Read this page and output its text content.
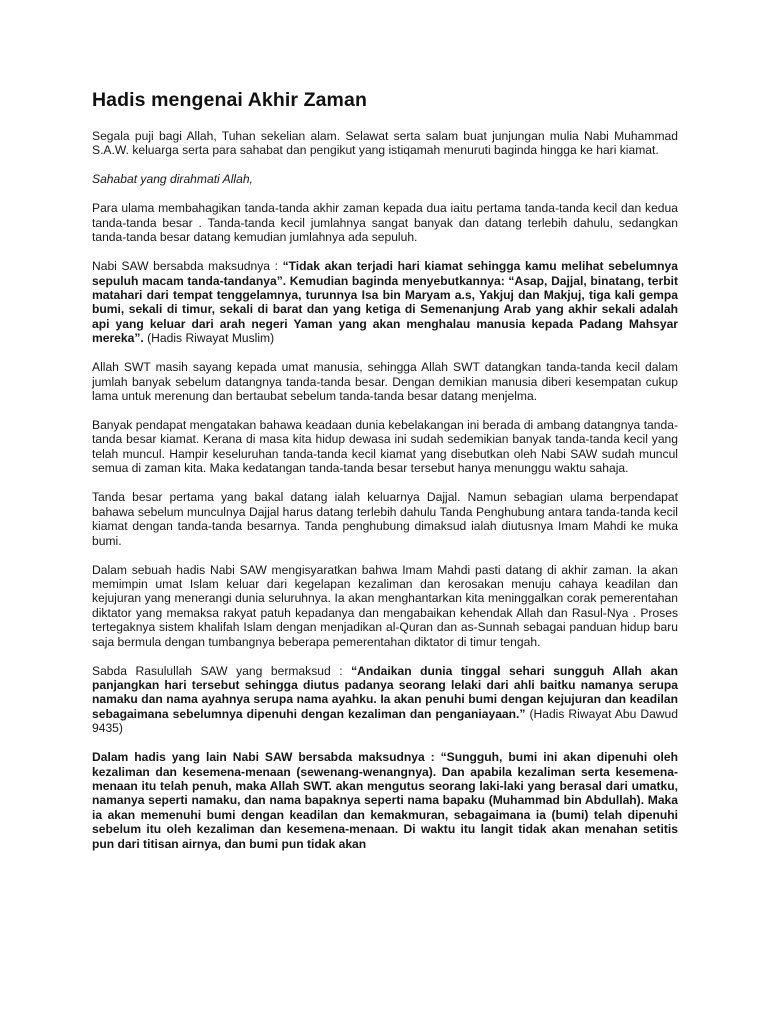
Hadis mengenai Akhir Zaman

Segala puji bagi Allah, Tuhan sekelian alam. Selawat serta salam buat junjungan mulia Nabi Muhammad S.A.W. keluarga serta para sahabat dan pengikut yang istiqamah menuruti baginda hingga ke hari kiamat.

Sahabat yang dirahmati Allah,

Para ulama membahagikan tanda-tanda akhir zaman kepada dua iaitu pertama tanda-tanda kecil dan kedua tanda-tanda besar . Tanda-tanda kecil jumlahnya sangat banyak dan datang terlebih dahulu, sedangkan tanda-tanda besar datang kemudian jumlahnya ada sepuluh.

Nabi SAW bersabda maksudnya : “Tidak akan terjadi hari kiamat sehingga kamu melihat sebelumnya sepuluh macam tanda-tandanya”. Kemudian baginda menyebutkannya: “Asap, Dajjal, binatang, terbit matahari dari tempat tenggelamnya, turunnya Isa bin Maryam a.s, Yakjuj dan Makjuj, tiga kali gempa bumi, sekali di timur, sekali di barat dan yang ketiga di Semenanjung Arab yang akhir sekali adalah api yang keluar dari arah negeri Yaman yang akan menghalau manusia kepada Padang Mahsyar mereka”. (Hadis Riwayat Muslim)

Allah SWT masih sayang kepada umat manusia, sehingga Allah SWT datangkan tanda-tanda kecil dalam jumlah banyak sebelum datangnya tanda-tanda besar. Dengan demikian manusia diberi kesempatan cukup lama untuk merenung dan bertaubat sebelum tanda-tanda besar datang menjelma.

Banyak pendapat mengatakan bahawa keadaan dunia kebelakangan ini berada di ambang datangnya tanda-tanda besar kiamat. Kerana di masa kita hidup dewasa ini sudah sedemikian banyak tanda-tanda kecil yang telah muncul. Hampir keseluruhan tanda-tanda kecil kiamat yang disebutkan oleh Nabi SAW sudah muncul semua di zaman kita. Maka kedatangan tanda-tanda besar tersebut hanya menunggu waktu sahaja.

Tanda besar pertama yang bakal datang ialah keluarnya Dajjal. Namun sebagian ulama berpendapat bahawa sebelum munculnya Dajjal harus datang terlebih dahulu Tanda Penghubung antara tanda-tanda kecil kiamat dengan tanda-tanda besarnya. Tanda penghubung dimaksud ialah diutusnya Imam Mahdi ke muka bumi.

Dalam sebuah hadis Nabi SAW mengisyaratkan bahwa Imam Mahdi pasti datang di akhir zaman. Ia akan memimpin umat Islam keluar dari kegelapan kezaliman dan kerosakan menuju cahaya keadilan dan kejujuran yang menerangi dunia seluruhnya. Ia akan menghantarkan kita meninggalkan corak pemerentahan diktator yang memaksa rakyat patuh kepadanya dan mengabaikan kehendak Allah dan Rasul-Nya . Proses tertegaknya sistem khalifah Islam dengan menjadikan al-Quran dan as-Sunnah sebagai panduan hidup baru saja bermula dengan tumbangnya beberapa pemerentahan diktator di timur tengah.

Sabda Rasulullah SAW yang bermaksud : “Andaikan dunia tinggal sehari sungguh Allah akan panjangkan hari tersebut sehingga diutus padanya seorang lelaki dari ahli baitku namanya serupa namaku dan nama ayahnya serupa nama ayahku. Ia akan penuhi bumi dengan kejujuran dan keadilan sebagaimana sebelumnya dipenuhi dengan kezaliman dan penganiayaan.” (Hadis Riwayat Abu Dawud 9435)

Dalam hadis yang lain Nabi SAW bersabda maksudnya : “Sungguh, bumi ini akan dipenuhi oleh kezaliman dan kesemena-menaan (sewenang-wenangnya). Dan apabila kezaliman serta kesemena-menaan itu telah penuh, maka Allah SWT. akan mengutus seorang laki-laki yang berasal dari umatku, namanya seperti namaku, dan nama bapaknya seperti nama bapaku (Muhammad bin Abdullah). Maka ia akan memenuhi bumi dengan keadilan dan kemakmuran, sebagaimana ia (bumi) telah dipenuhi sebelum itu oleh kezaliman dan kesemena-menaan. Di waktu itu langit tidak akan menahan setitis pun dari titisan airnya, dan bumi pun tidak akan
